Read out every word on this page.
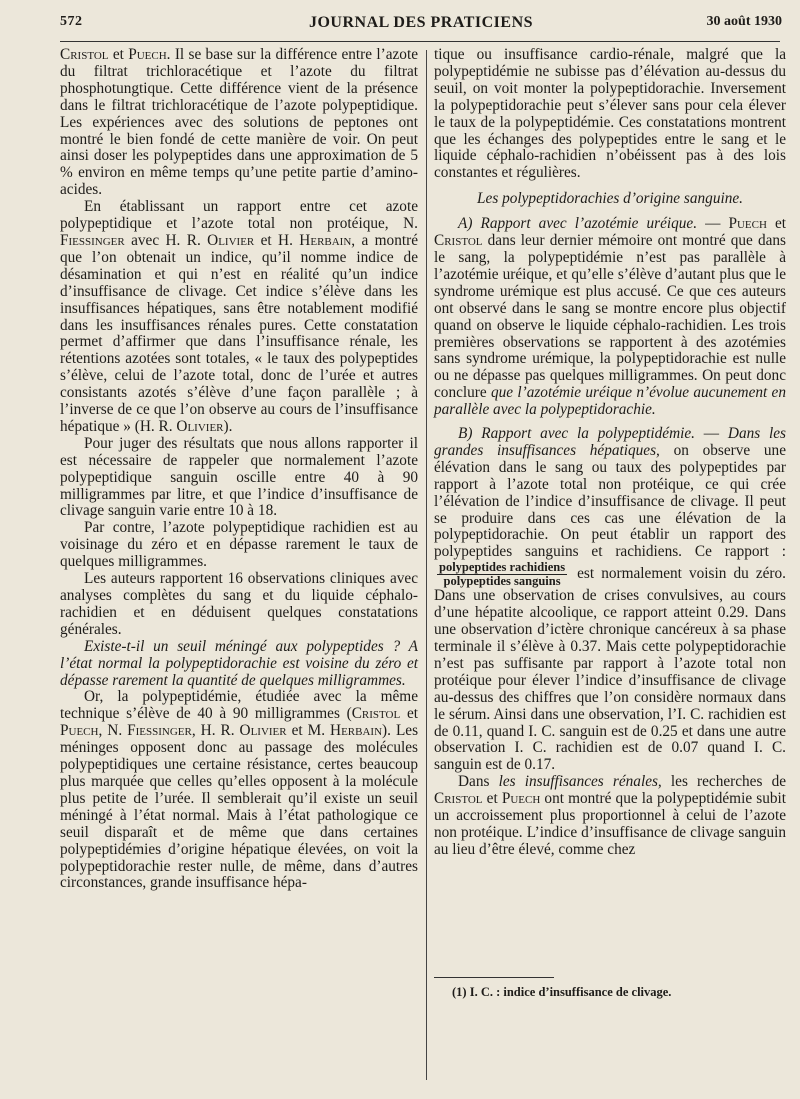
572	JOURNAL DES PRATICIENS	30 août 1930

Cristol et Puech. Il se base sur la différence entre l’azote du filtrat trichloracétique et l’azote du filtrat phosphotungtique. Cette différence vient de la présence dans le filtrat trichloracétique de l’azote polypeptidique. Les expériences avec des solutions de peptones ont montré le bien fondé de cette manière de voir. On peut ainsi doser les polypeptides dans une approximation de 5 % environ en même temps qu’une petite partie d’amino-acides.

En établissant un rapport entre cet azote polypeptidique et l’azote total non protéique, N. Fiessinger avec H. R. Olivier et H. Herbain, a montré que l’on obtenait un indice, qu’il nomme indice de désamination et qui n’est en réalité qu’un indice d’insuffisance de clivage. Cet indice s’élève dans les insuffisances hépatiques, sans être notablement modifié dans les insuffisances rénales pures. Cette constatation permet d’affirmer que dans l’insuffisance rénale, les rétentions azotées sont totales, « le taux des polypeptides s’élève, celui de l’azote total, donc de l’urée et autres consistants azotés s’élève d’une façon parallèle ; à l’inverse de ce que l’on observe au cours de l’insuffisance hépatique » (H. R. Olivier).

Pour juger des résultats que nous allons rapporter il est nécessaire de rappeler que normalement l’azote polypeptidique sanguin oscille entre 40 à 90 milligrammes par litre, et que l’indice d’insuffisance de clivage sanguin varie entre 10 à 18.

Par contre, l’azote polypeptidique rachidien est au voisinage du zéro et en dépasse rarement le taux de quelques milligrammes.

Les auteurs rapportent 16 observations cliniques avec analyses complètes du sang et du liquide céphalo-rachidien et en déduisent quelques constatations générales.

Existe-t-il un seuil méningé aux polypeptides ? A l’état normal la polypeptidorachie est voisine du zéro et dépasse rarement la quantité de quelques milligrammes.

Or, la polypeptidémie, étudiée avec la même technique s’élève de 40 à 90 milligrammes (Cristol et Puech, N. Fiessinger, H. R. Olivier et M. Herbain). Les méninges opposent donc au passage des molécules polypeptidiques une certaine résistance, certes beaucoup plus marquée que celles qu’elles opposent à la molécule plus petite de l’urée. Il semblerait qu’il existe un seuil méningé à l’état normal. Mais à l’état pathologique ce seuil disparaît et de même que dans certaines polypeptidémies d’origine hépatique élevées, on voit la polypeptidorachie rester nulle, de même, dans d’autres circonstances, grande insuffisance hépa-

tique ou insuffisance cardio-rénale, malgré que la polypeptidémie ne subisse pas d’élévation au-dessus du seuil, on voit monter la polypeptidorachie. Inversement la polypeptidorachie peut s’élever sans pour cela élever le taux de la polypeptidémie. Ces constatations montrent que les échanges des polypeptides entre le sang et le liquide céphalo-rachidien n’obéissent pas à des lois constantes et régulières.

Les polypeptidorachies d’origine sanguine.

A) Rapport avec l’azotémie uréique. — Puech et Cristol dans leur dernier mémoire ont montré que dans le sang, la polypeptidémie n’est pas parallèle à l’azotémie uréique, et qu’elle s’élève d’autant plus que le syndrome urémique est plus accusé. Ce que ces auteurs ont observé dans le sang se montre encore plus objectif quand on observe le liquide céphalo-rachidien. Les trois premières observations se rapportent à des azotémies sans syndrome urémique, la polypeptidorachie est nulle ou ne dépasse pas quelques milligrammes. On peut donc conclure que l’azotémie uréique n’évolue aucunement en parallèle avec la polypeptidorachie.

B) Rapport avec la polypeptidémie. — Dans les grandes insuffisances hépatiques, on observe une élévation dans le sang ou taux des polypeptides par rapport à l’azote total non protéique, ce qui crée l’élévation de l’indice d’insuffisance de clivage. Il peut se produire dans ces cas une élévation de la polypeptidorachie. On peut établir un rapport des polypeptides sanguins et rachidiens. Ce rapport :
$\frac{\text{polypeptides rachidiens}}{\text{polypeptides sanguins}}$ est normalement voisin du zéro. Dans une observation de crises convulsives, au cours d’une hépatite alcoolique, ce rapport atteint 0.29. Dans une observation d’ictère chronique cancéreux à sa phase terminale il s’élève à 0.37. Mais cette polypeptidorachie n’est pas suffisante par rapport à l’azote total non protéique pour élever l’indice d’insuffisance de clivage au-dessus des chiffres que l’on considère normaux dans le sérum. Ainsi dans une observation, l’I. C. rachidien est de 0.11, quand I. C. sanguin est de 0.25 et dans une autre observation I. C. rachidien est de 0.07 quand I. C. sanguin est de 0.17.

Dans les insuffisances rénales, les recherches de Cristol et Puech ont montré que la polypeptidémie subit un accroissement plus proportionnel à celui de l’azote non protéique. L’indice d’insuffisance de clivage sanguin au lieu d’être élevé, comme chez

(1) I. C. : indice d’insuffisance de clivage.
